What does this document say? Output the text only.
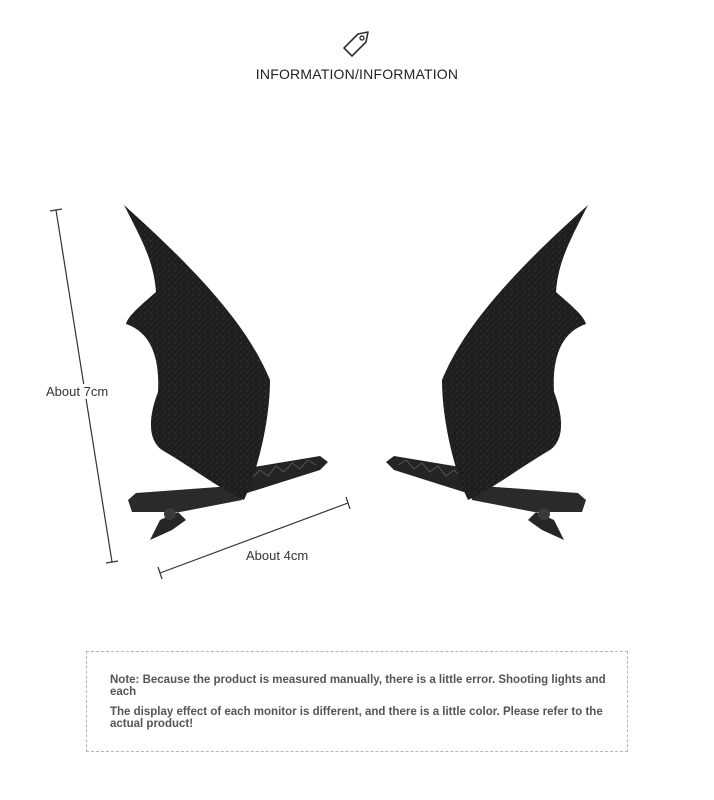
INFORMATION/INFORMATION
About 7cm
About 4cm
Note: Because the product is measured manually, there is a little error. Shooting lights and each
The display effect of each monitor is different, and there is a little color. Please refer to the actual product!
